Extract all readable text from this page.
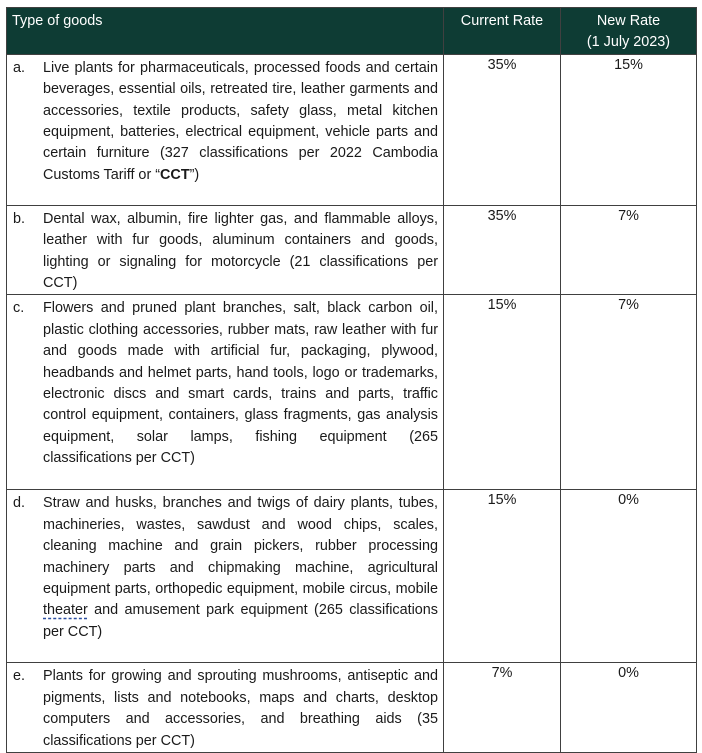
Type of goods	Current Rate	New Rate
(1 July 2023)

a. Live plants for pharmaceuticals, processed foods and certain beverages, essential oils, retreated tire, leather garments and accessories, textile products, safety glass, metal kitchen equipment, batteries, electrical equipment, vehicle parts and certain furniture (327 classifications per 2022 Cambodia Customs Tariff or “CCT”)	35%	15%

b. Dental wax, albumin, fire lighter gas, and flammable alloys, leather with fur goods, aluminum containers and goods, lighting or signaling for motorcycle (21 classifications per CCT)	35%	7%

c. Flowers and pruned plant branches, salt, black carbon oil, plastic clothing accessories, rubber mats, raw leather with fur and goods made with artificial fur, packaging, plywood, headbands and helmet parts, hand tools, logo or trademarks, electronic discs and smart cards, trains and parts, traffic control equipment, containers, glass fragments, gas analysis equipment, solar lamps, fishing equipment (265 classifications per CCT)	15%	7%

d. Straw and husks, branches and twigs of dairy plants, tubes, machineries, wastes, sawdust and wood chips, scales, cleaning machine and grain pickers, rubber processing machinery parts and chipmaking machine, agricultural equipment parts, orthopedic equipment, mobile circus, mobile theater and amusement park equipment (265 classifications per CCT)	15%	0%

e. Plants for growing and sprouting mushrooms, antiseptic and pigments, lists and notebooks, maps and charts, desktop computers and accessories, and breathing aids (35 classifications per CCT)	7%	0%
